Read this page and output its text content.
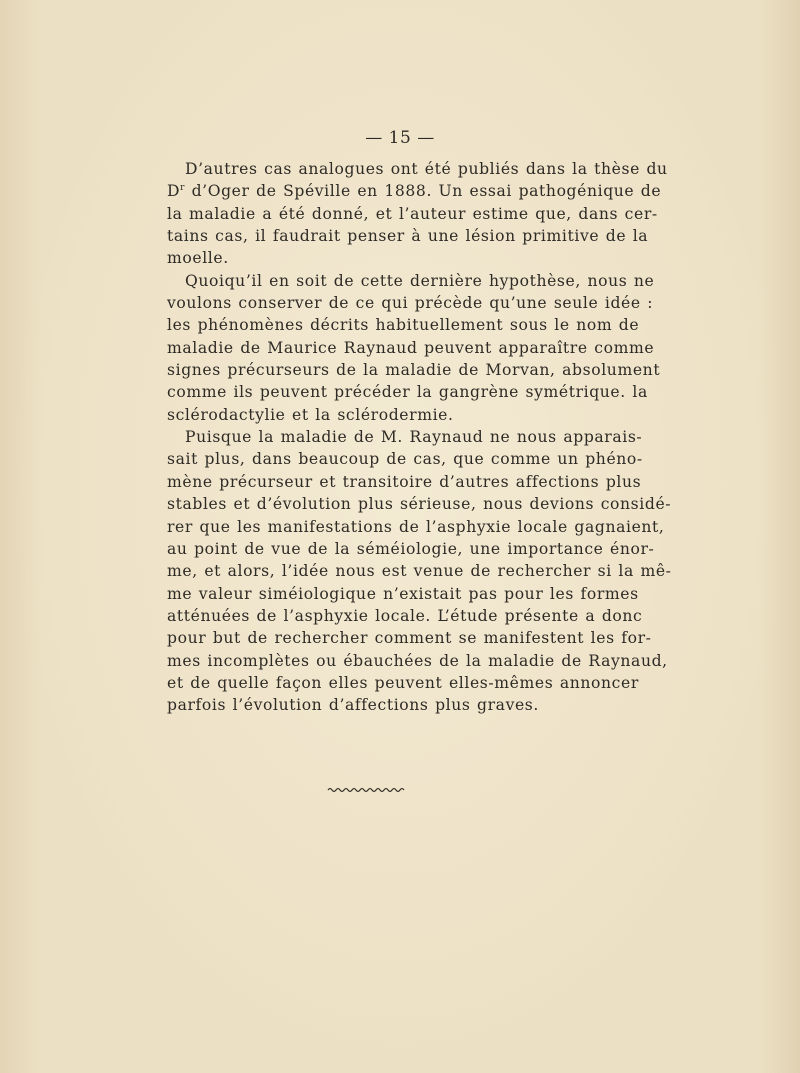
— 15 —

D’autres cas analogues ont été publiés dans la thèse du
$D^r$ d’Oger de Spéville en 1888. Un essai pathogénique de
la maladie a été donné, et l’auteur estime que, dans cer-
tains cas, il faudrait penser à une lésion primitive de la
moelle.

Quoiqu’il en soit de cette dernière hypothèse, nous ne
voulons conserver de ce qui précède qu’une seule idée :
les phénomènes décrits habituellement sous le nom de
maladie de Maurice Raynaud peuvent apparaître comme
signes précurseurs de la maladie de Morvan, absolument
comme ils peuvent précéder la gangrène symétrique. la
sclérodactylie et la sclérodermie.

Puisque la maladie de M. Raynaud ne nous apparais-
sait plus, dans beaucoup de cas, que comme un phéno-
mène précurseur et transitoire d’autres affections plus
stables et d’évolution plus sérieuse, nous devions considé-
rer que les manifestations de l’asphyxie locale gagnaient,
au point de vue de la séméiologie, une importance énor-
me, et alors, l’idée nous est venue de rechercher si la mê-
me valeur siméiologique n’existait pas pour les formes
atténuées de l’asphyxie locale. L’étude présente a donc
pour but de rechercher comment se manifestent les for-
mes incomplètes ou ébauchées de la maladie de Raynaud,
et de quelle façon elles peuvent elles-mêmes annoncer
parfois l’évolution d’affections plus graves.
